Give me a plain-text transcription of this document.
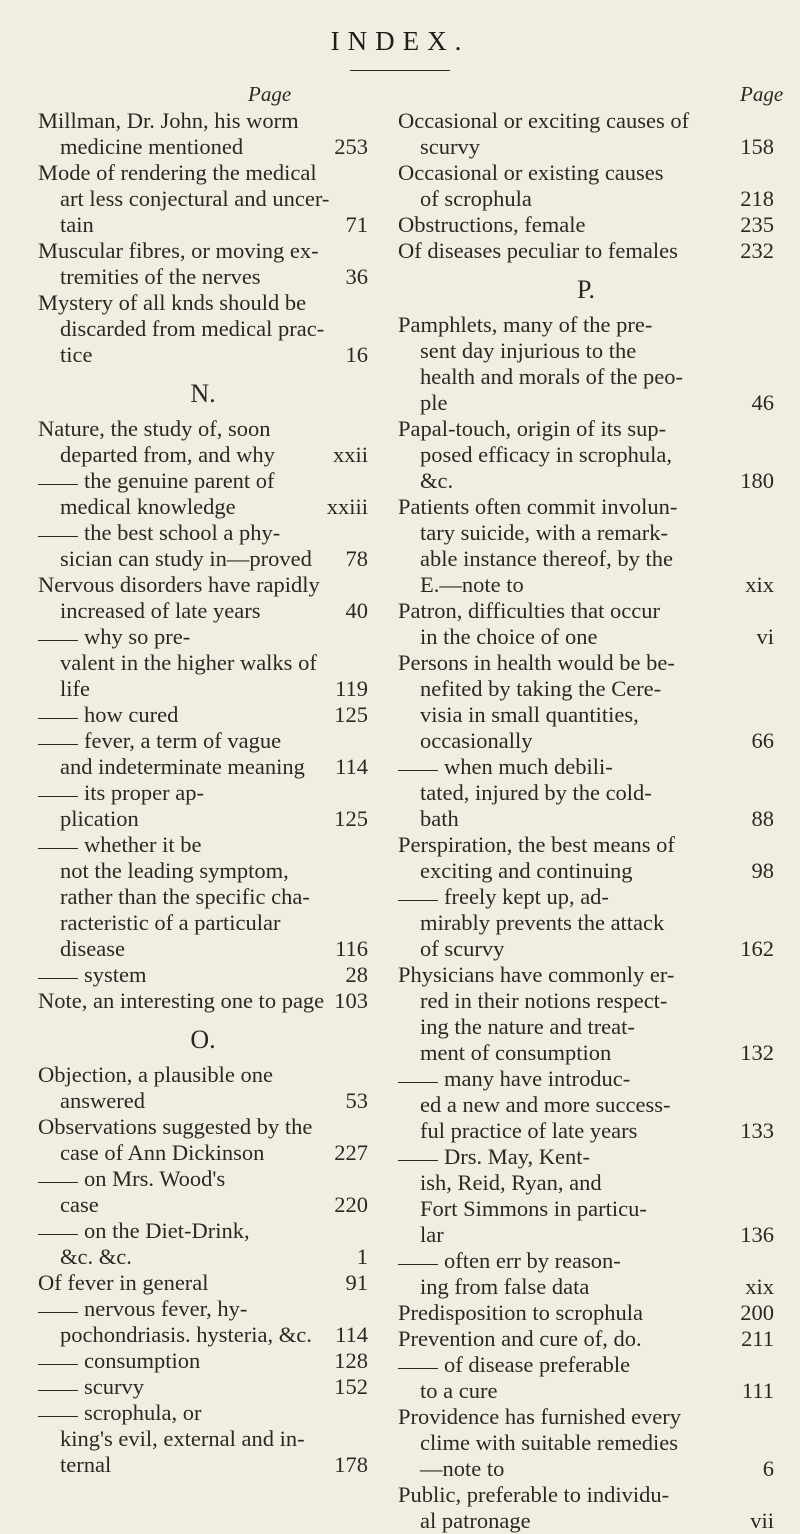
INDEX.
Page	Page
Millman, Dr. John, his worm
medicine mentioned	253
Mode of rendering the medical
art less conjectural and uncer-
tain	71
Muscular fibres, or moving ex-
tremities of the nerves	36
Mystery of all knds should be
discarded from medical prac-
tice	16
N.
Nature, the study of, soon
departed from, and why	xxii
the genuine parent of
medical knowledge	xxiii
the best school a phy-
sician can study in—proved 78
Nervous disorders have rapidly
increased of late years	40
why so pre-
valent in the higher walks of
life	119
how cured	125
fever, a term of vague
and indeterminate meaning 114
its proper ap-
plication	125
whether it be
not the leading symptom,
rather than the specific cha-
racteristic of a particular
disease	116
system	28
Note, an interesting one to page 103
O.
Objection, a plausible one
answered	53
Observations suggested by the
case of Ann Dickinson	227
on Mrs. Wood's
case	220
on the Diet-Drink,
&c. &c.	1
Of fever in general	91
nervous fever, hy-
pochondriasis. hysteria, &c. 114
consumption	128
scurvy	152
scrophula, or
king's evil, external and in-
ternal	178
Occasional or exciting causes of
scurvy	158
Occasional or existing causes
of scrophula	218
Obstructions, female	235
Of diseases peculiar to females	232
P.
Pamphlets, many of the pre-
sent day injurious to the
health and morals of the peo-
ple	46
Papal-touch, origin of its sup-
posed efficacy in scrophula,
&c.	180
Patients often commit involun-
tary suicide, with a remark-
able instance thereof, by the
E.—note to	xix
Patron, difficulties that occur
in the choice of one	vi
Persons in health would be be-
nefited by taking the Cere-
visia in small quantities,
occasionally	66
when much debili-
tated, injured by the cold-
bath	88
Perspiration, the best means of
exciting and continuing	98
freely kept up, ad-
mirably prevents the attack
of scurvy	162
Physicians have commonly er-
red in their notions respect-
ing the nature and treat-
ment of consumption	132
many have introduc-
ed a new and more success-
ful practice of late years	133
Drs. May, Kent-
ish, Reid, Ryan, and
Fort Simmons in particu-
lar	136
often err by reason-
ing from false data	xix
Predisposition to scrophula	200
Prevention and cure of, do.	211
of disease preferable
to a cure	111
Providence has furnished every
clime with suitable remedies
—note to	6
Public, preferable to individu-
al patronage	vii
